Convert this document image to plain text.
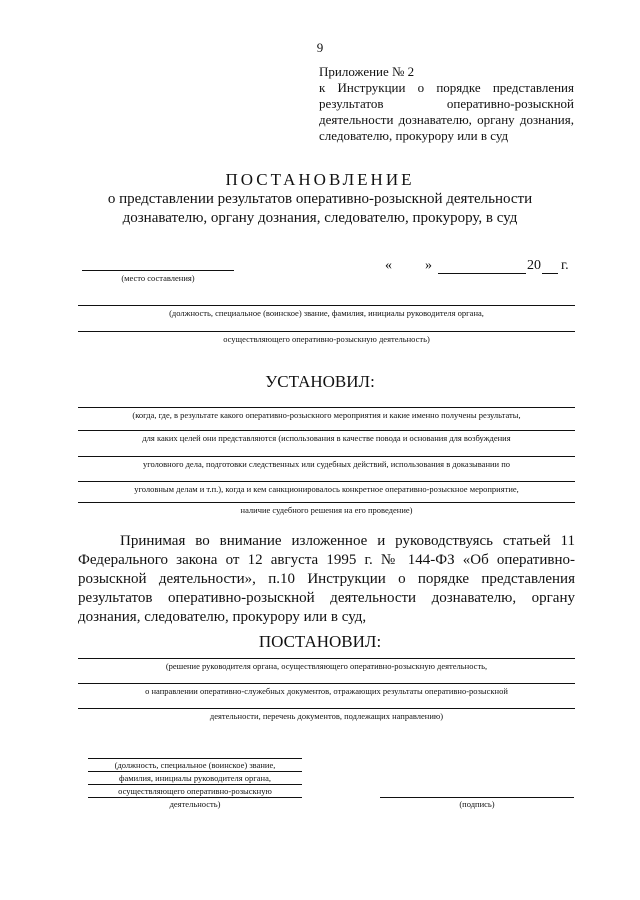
9
Приложение № 2
к Инструкции о порядке представления
результатов оперативно-розыскной
деятельности дознавателю, органу дознания,
следователю, прокурору или в суд
ПОСТАНОВЛЕНИЕ
о представлении результатов оперативно-розыскной деятельности
дознавателю, органу дознания, следователю, прокурору, в суд
(место составления)
« »	20 г.
(должность, специальное (воинское) звание, фамилия, инициалы руководителя органа,
осуществляющего оперативно-розыскную деятельность)
УСТАНОВИЛ:
(когда, где, в результате какого оперативно-розыскного мероприятия и какие именно получены результаты,
для каких целей они представляются (использования в качестве повода и основания для возбуждения
уголовного дела, подготовки следственных или судебных действий, использования в доказывании по
уголовным делам и т.п.), когда и кем санкционировалось конкретное оперативно-розыскное мероприятие,
наличие судебного решения на его проведение)
Принимая во внимание изложенное и руководствуясь статьей 11 Федерального закона от 12 августа 1995 г. № 144-ФЗ «Об оперативно-розыскной деятельности», п.10 Инструкции о порядке представления результатов оперативно-розыскной деятельности дознавателю, органу дознания, следователю, прокурору или в суд,
ПОСТАНОВИЛ:
(решение руководителя органа, осуществляющего оперативно-розыскную деятельность,
о направлении оперативно-служебных документов, отражающих результаты оперативно-розыскной
деятельности, перечень документов, подлежащих направлению)
(должность, специальное (воинское) звание,
фамилия, инициалы руководителя органа,
осуществляющего оперативно-розыскную
деятельность)	(подпись)
